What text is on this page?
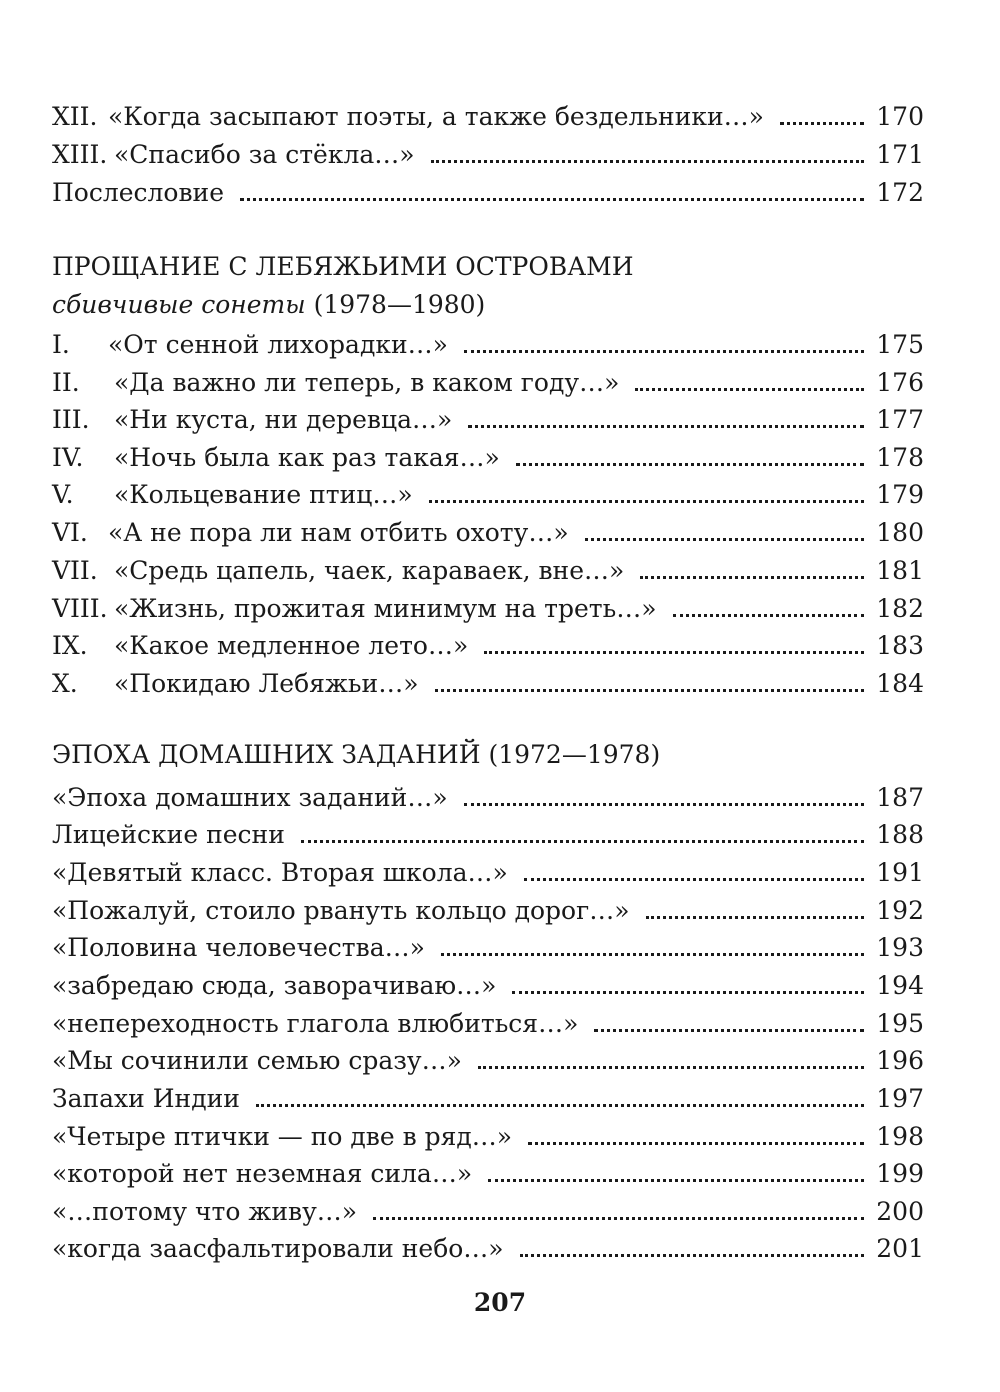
XII. «Когда засыпают поэты, а также бездельники…»	170
XIII. «Спасибо за стёкла…»	171
Послесловие	172
ПРОЩАНИЕ С ЛЕБЯЖЬИМИ ОСТРОВАМИ
сбивчивые сонеты (1978—1980)
I.	«От сенной лихорадки…»	175
II.	«Да важно ли теперь, в каком году…»	176
III. «Ни куста, ни деревца…»	177
IV.	«Ночь была как раз такая…»	178
V.	«Кольцевание птиц…»	179
VI. «А не пора ли нам отбить охоту…»	180
VII. «Средь цапель, чаек, караваек, вне…»	181
VIII. «Жизнь, прожитая минимум на треть…»	182
IX.	«Какое медленное лето…»	183
X.	«Покидаю Лебяжьи…»	184
ЭПОХА ДОМАШНИХ ЗАДАНИЙ (1972—1978)
«Эпоха домашних заданий…»	187
Лицейские песни	188
«Девятый класс. Вторая школа…»	191
«Пожалуй, стоило рвануть кольцо дорог…»	192
«Половина человечества…»	193
«забредаю сюда, заворачиваю…»	194
«непереходность глагола влюбиться…»	195
«Мы сочинили семью сразу…»	196
Запахи Индии	197
«Четыре птички — по две в ряд…»	198
«которой нет неземная сила…»	199
«…потому что живу…»	200
«когда заасфальтировали небо…»	201
207
